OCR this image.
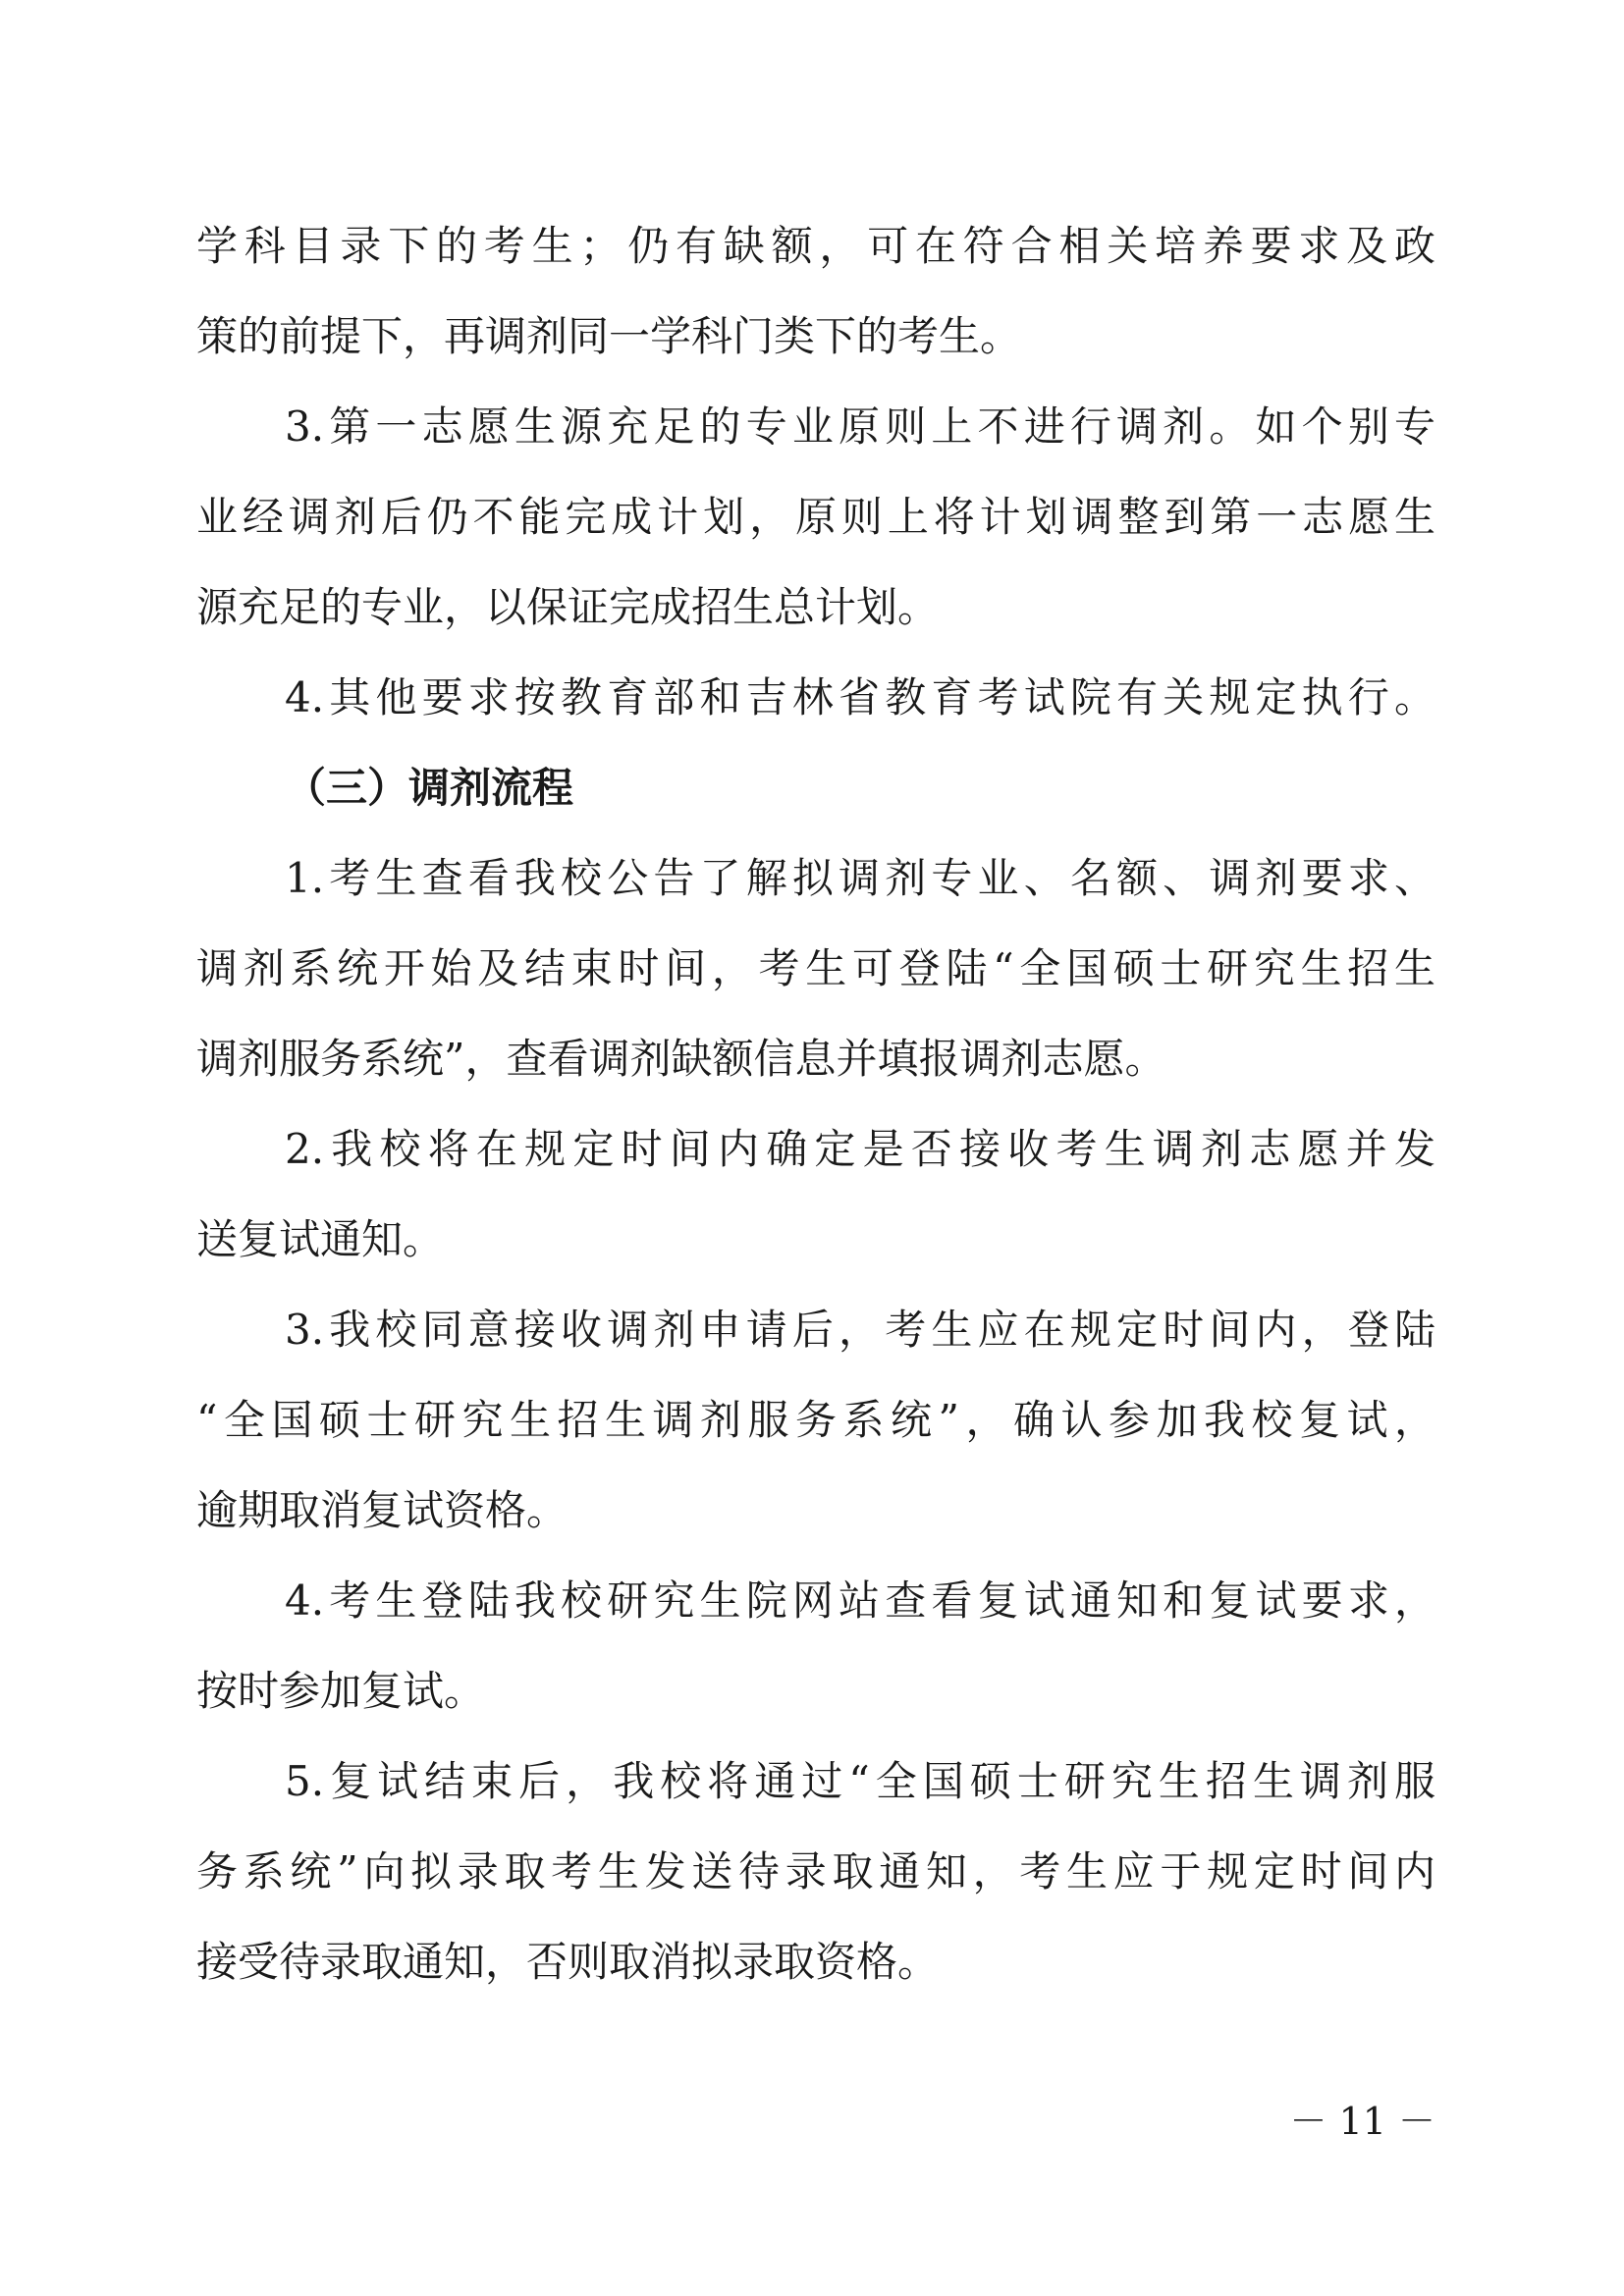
学科目录下的考生；仍有缺额，可在符合相关培养要求及政
策的前提下，再调剂同一学科门类下的考生。
3.第一志愿生源充足的专业原则上不进行调剂。如个别专
业经调剂后仍不能完成计划，原则上将计划调整到第一志愿生
源充足的专业，以保证完成招生总计划。
4.其他要求按教育部和吉林省教育考试院有关规定执行。
（三）调剂流程
1.考生查看我校公告了解拟调剂专业、名额、调剂要求、
调剂系统开始及结束时间，考生可登陆“全国硕士研究生招生
调剂服务系统”，查看调剂缺额信息并填报调剂志愿。
2.我校将在规定时间内确定是否接收考生调剂志愿并发
送复试通知。
3.我校同意接收调剂申请后，考生应在规定时间内，登陆
“全国硕士研究生招生调剂服务系统”，确认参加我校复试，
逾期取消复试资格。
4.考生登陆我校研究生院网站查看复试通知和复试要求，
按时参加复试。
5.复试结束后，我校将通过“全国硕士研究生招生调剂服
务系统”向拟录取考生发送待录取通知，考生应于规定时间内
接受待录取通知，否则取消拟录取资格。
－ 11 －
